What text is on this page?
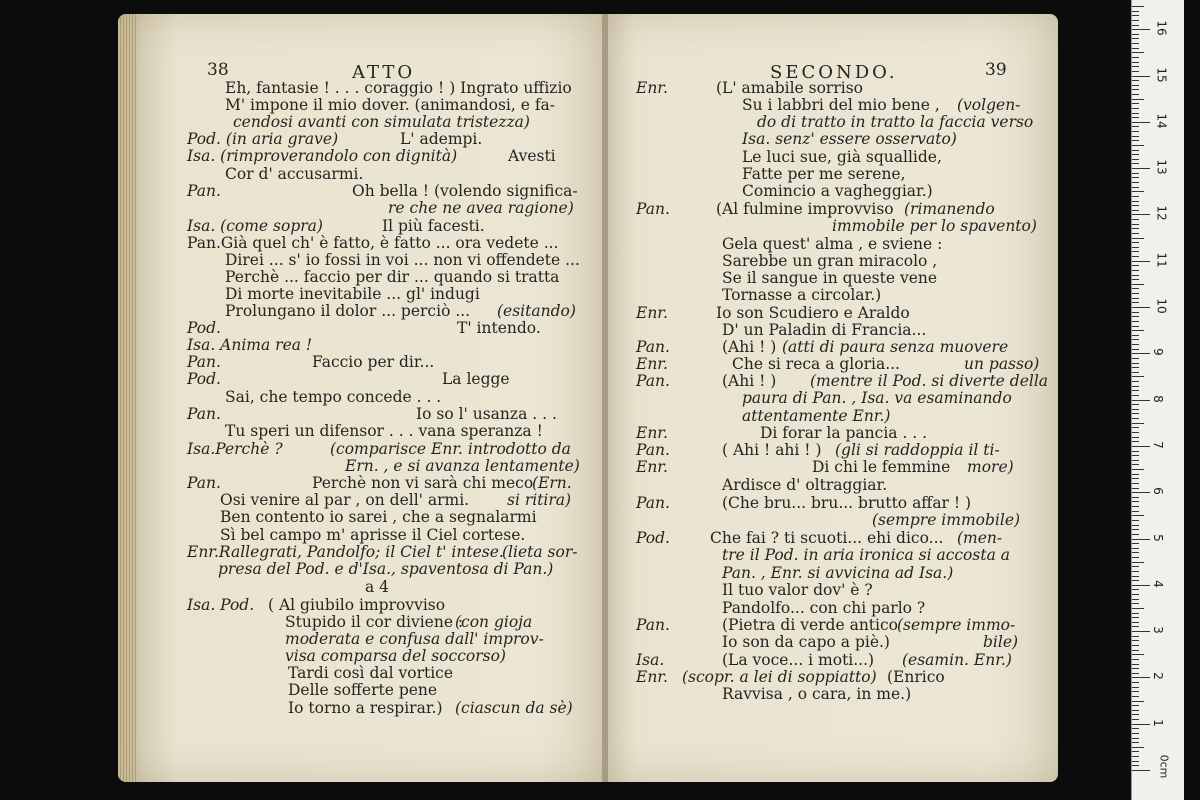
38	ATTO
Eh, fantasie ! . . . coraggio ! ) Ingrato uffizio
M' impone il mio dover. (animandosi, e fa-
cendosi avanti con simulata tristezza)
Pod. (in aria grave)	L' adempi.
Isa. (rimproverandolo con dignità)	Avesti
Cor d' accusarmi.
Pan.	Oh bella ! (volendo significa-
re che ne avea ragione)
Isa. (come sopra)	Il più facesti.
Pan.Già quel ch' è fatto, è fatto ... ora vedete ...
Direi ... s' io fossi in voi ... non vi offendete ...
Perchè ... faccio per dir ... quando si tratta
Di morte inevitabile ... gl' indugi
Prolungano il dolor ... perciò ... (esitando)
Pod.	T' intendo.
Isa. Anima rea !
Pan.	Faccio per dir...
Pod.	La legge
Sai, che tempo concede . . .
Pan.	Io so l' usanza . . .
Tu speri un difensor . . . vana speranza !
Isa.Perchè ?	(comparisce Enr. introdotto da
Ern. , e si avanza lentamente)
Pan.	Perchè non vi sarà chi meco
(Ern.
Osi venire al par , on dell' armi. si ritira)
Ben contento io sarei , che a segnalarmi
Sì bel campo m' aprisse il Ciel cortese.
Enr.Rallegrati, Pandolfo; il Ciel t' intese.
(lieta sor-
presa del Pod. e d'Isa., spaventosa di Pan.)
a 4
Isa. Pod. ( Al giubilo improvviso
Stupido il cor diviene :
(con gioja
moderata e confusa dall' improv-
visa comparsa del soccorso)
Tardi così dal vortice
Delle sofferte pene
Io torno a respirar.) (ciascun da sè)
SECONDO.	39
Enr.	(L' amabile sorriso
Su i labbri del mio bene , (volgen-
do di tratto in tratto la faccia verso
Isa. senz' essere osservato)
Le luci sue, già squallide,
Fatte per me serene,
Comincio a vagheggiar.)
Pan.	(Al fulmine improvviso (rimanendo
immobile per lo spavento)
Gela quest' alma , e sviene :
Sarebbe un gran miracolo ,
Se il sangue in queste vene
Tornasse a circolar.)
Enr.	Io son Scudiero e Araldo
D' un Paladin di Francia...
Pan.	(Ahi ! ) (atti di paura senza muovere
Enr.	Che si reca a gloria...	un passo)
Pan.	(Ahi ! ) (mentre il Pod. si diverte della
paura di Pan. , Isa. va esaminando
attentamente Enr.)
Enr.	Di forar la pancia . . .
Pan.	( Ahi ! ahi ! ) (gli si raddoppia il ti-
Enr.	Di chi le femmine more)
Ardisce d' oltraggiar.
Pan.	(Che bru... bru... brutto affar ! )
(sempre immobile)
Pod.	Che fai ? ti scuoti... ehi dico... (men-
tre il Pod. in aria ironica si accosta a
Pan. , Enr. si avvicina ad Isa.)
Il tuo valor dov' è ?
Pandolfo... con chi parlo ?
Pan.	(Pietra di verde antico
(sempre immo-
Io son da capo a piè.)	bile)
Isa.	(La voce... i moti...) (esamin. Enr.)
Enr. (scopr. a lei di soppiatto) (Enrico
Ravvisa , o cara, in me.)
0cm
1
2
3
4
5
6
7
8
9
10
11
12
13
14
15
16
